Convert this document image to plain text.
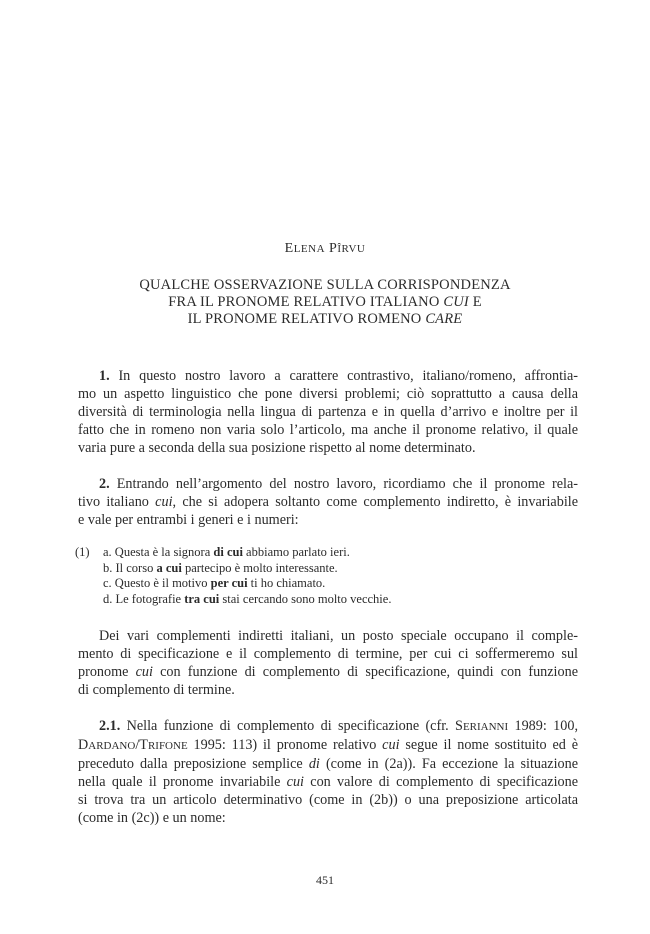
ELENA PÎRVU
QUALCHE OSSERVAZIONE SULLA CORRISPONDENZA
FRA IL PRONOME RELATIVO ITALIANO CUI E
IL PRONOME RELATIVO ROMENO CARE
1. In questo nostro lavoro a carattere contrastivo, italiano/romeno, affrontia-
mo un aspetto linguistico che pone diversi problemi; ciò soprattutto a causa della
diversità di terminologia nella lingua di partenza e in quella d’arrivo e inoltre per il
fatto che in romeno non varia solo l’articolo, ma anche il pronome relativo, il quale
varia pure a seconda della sua posizione rispetto al nome determinato.
2. Entrando nell’argomento del nostro lavoro, ricordiamo che il pronome rela-
tivo italiano cui, che si adopera soltanto come complemento indiretto, è invariabile
e vale per entrambi i generi e i numeri:
(1) a. Questa è la signora di cui abbiamo parlato ieri.
b. Il corso a cui partecipo è molto interessante.
c. Questo è il motivo per cui ti ho chiamato.
d. Le fotografie tra cui stai cercando sono molto vecchie.
Dei vari complementi indiretti italiani, un posto speciale occupano il comple-
mento di specificazione e il complemento di termine, per cui ci soffermeremo sul
pronome cui con funzione di complemento di specificazione, quindi con funzione
di complemento di termine.
2.1. Nella funzione di complemento di specificazione (cfr. SERIANNI 1989: 100,
DARDANO/TRIFONE 1995: 113) il pronome relativo cui segue il nome sostituito ed è
preceduto dalla preposizione semplice di (come in (2a)). Fa eccezione la situazione
nella quale il pronome invariabile cui con valore di complemento di specificazione
si trova tra un articolo determinativo (come in (2b)) o una preposizione articolata
(come in (2c)) e un nome:
451
